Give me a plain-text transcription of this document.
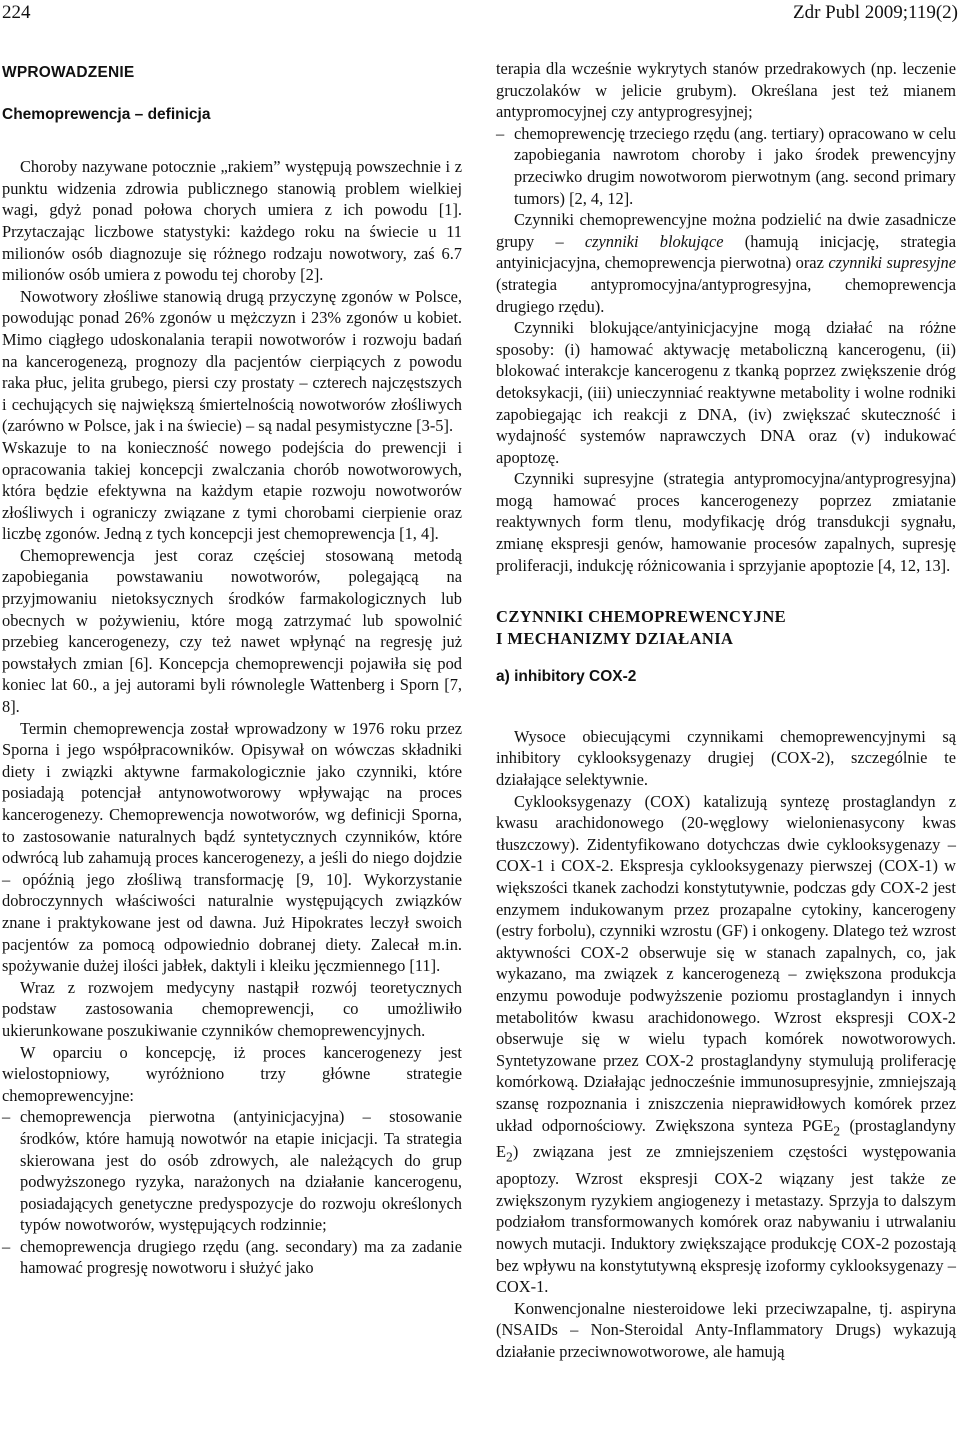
224	Zdr Publ 2009;119(2)
WPROWADZENIE
Chemoprewencja – definicja

Choroby nazywane potocznie „rakiem” występują powszechnie i z punktu widzenia zdrowia publicznego stanowią problem wielkiej wagi, gdyż ponad połowa chorych umiera z ich powodu [1]. Przytaczając liczbowe statystyki: każdego roku na świecie u 11 milionów osób diagnozuje się różnego rodzaju nowotwory, zaś 6.7 milionów osób umiera z powodu tej choroby [2].

Nowotwory złośliwe stanowią drugą przyczynę zgonów w Polsce, powodując ponad 26% zgonów u mężczyzn i 23% zgonów u kobiet. Mimo ciągłego udoskonalania terapii nowotworów i rozwoju badań na kancerogenezą, prognozy dla pacjentów cierpiących z powodu raka płuc, jelita grubego, piersi czy prostaty – czterech najczęstszych i cechujących się największą śmiertelnością nowotworów złośliwych (zarówno w Polsce, jak i na świecie) – są nadal pesymistyczne [3-5].

Wskazuje to na konieczność nowego podejścia do prewencji i opracowania takiej koncepcji zwalczania chorób nowotworowych, która będzie efektywna na każdym etapie rozwoju nowotworów złośliwych i ograniczy związane z tymi chorobami cierpienie oraz liczbę zgonów. Jedną z tych koncepcji jest chemoprewencja [1, 4].

Chemoprewencja jest coraz częściej stosowaną metodą zapobiegania powstawaniu nowotworów, polegającą na przyjmowaniu nietoksycznych środków farmakologicznych lub obecnych w pożywieniu, które mogą zatrzymać lub spowolnić przebieg kancerogenezy, czy też nawet wpłynąć na regresję już powstałych zmian [6]. Koncepcja chemoprewencji pojawiła się pod koniec lat 60., a jej autorami byli równolegle Wattenberg i Sporn [7, 8].

Termin chemoprewencja został wprowadzony w 1976 roku przez Sporna i jego współpracowników. Opisywał on wówczas składniki diety i związki aktywne farmakologicznie jako czynniki, które posiadają potencjał antynowotworowy wpływając na proces kancerogenezy. Chemoprewencja nowotworów, wg definicji Sporna, to zastosowanie naturalnych bądź syntetycznych czynników, które odwrócą lub zahamują proces kancerogenezy, a jeśli do niego dojdzie – opóźnią jego złośliwą transformację [9, 10]. Wykorzystanie dobroczynnych właściwości naturalnie występujących związków znane i praktykowane jest od dawna. Już Hipokrates leczył swoich pacjentów za pomocą odpowiednio dobranej diety. Zalecał m.in. spożywanie dużej ilości jabłek, daktyli i kleiku jęczmiennego [11].

Wraz z rozwojem medycyny nastąpił rozwój teoretycznych podstaw zastosowania chemoprewencji, co umożliwiło ukierunkowane poszukiwanie czynników chemoprewencyjnych.

W oparciu o koncepcję, iż proces kancerogenezy jest wielostopniowy, wyróżniono trzy główne strategie chemoprewencyjne:

– chemoprewencja pierwotna (antyinicjacyjna) – stosowanie środków, które hamują nowotwór na etapie inicjacji. Ta strategia skierowana jest do osób zdrowych, ale należących do grup podwyższonego ryzyka, narażonych na działanie kancerogenu, posiadających genetyczne predyspozycje do rozwoju określonych typów nowotworów, występujących rodzinnie;
– chemoprewencja drugiego rzędu (ang. secondary) ma za zadanie hamować progresję nowotworu i służyć jako

terapia dla wcześnie wykrytych stanów przedrakowych (np. leczenie gruczolaków w jelicie grubym). Określana jest też mianem antypromocyjnej czy antyprogresyjnej;

– chemoprewencję trzeciego rzędu (ang. tertiary) opracowano w celu zapobiegania nawrotom choroby i jako środek prewencyjny przeciwko drugim nowotworom pierwotnym (ang. second primary tumors) [2, 4, 12].

Czynniki chemoprewencyjne można podzielić na dwie zasadnicze grupy – czynniki blokujące (hamują inicjację, strategia antyinicjacyjna, chemoprewencja pierwotna) oraz czynniki supresyjne (strategia antypromocyjna/antyprogresyjna, chemoprewencja drugiego rzędu).

Czynniki blokujące/antyinicjacyjne mogą działać na różne sposoby: (i) hamować aktywację metaboliczną kancerogenu, (ii) blokować interakcje kancerogenu z tkanką poprzez zwiększenie dróg detoksykacji, (iii) unieczynniać reaktywne metabolity i wolne rodniki zapobiegając ich reakcji z DNA, (iv) zwiększać skuteczność i wydajność systemów naprawczych DNA oraz (v) indukować apoptozę.

Czynniki supresyjne (strategia antypromocyjna/antyprogresyjna) mogą hamować proces kancerogenezy poprzez zmiatanie reaktywnych form tlenu, modyfikację dróg transdukcji sygnału, zmianę ekspresji genów, hamowanie procesów zapalnych, supresję proliferacji, indukcję różnicowania i sprzyjanie apoptozie [4, 12, 13].

CZYNNIKI CHEMOPREWENCYJNE
I MECHANIZMY DZIAŁANIA
a) inhibitory COX-2

Wysoce obiecującymi czynnikami chemoprewencyjnymi są inhibitory cyklooksygenazy drugiej (COX-2), szczególnie te działające selektywnie.

Cyklooksygenazy (COX) katalizują syntezę prostaglandyn z kwasu arachidonowego (20-węglowy wielonienasycony kwas tłuszczowy). Zidentyfikowano dotychczas dwie cyklooksygenazy – COX-1 i COX-2. Ekspresja cyklooksygenazy pierwszej (COX-1) w większości tkanek zachodzi konstytutywnie, podczas gdy COX-2 jest enzymem indukowanym przez prozapalne cytokiny, kancerogeny (estry forbolu), czynniki wzrostu (GF) i onkogeny. Dlatego też wzrost aktywności COX-2 obserwuje się w stanach zapalnych, co, jak wykazano, ma związek z kancerogenezą – zwiększona produkcja enzymu powoduje podwyższenie poziomu prostaglandyn i innych metabolitów kwasu arachidonowego. Wzrost ekspresji COX-2 obserwuje się w wielu typach komórek nowotworowych. Syntetyzowane przez COX-2 prostaglandyny stymulują proliferację komórkową. Działając jednocześnie immunosupresyjnie, zmniejszają szansę rozpoznania i zniszczenia nieprawidłowych komórek przez układ odpornościowy. Zwiększona synteza $PGE_2$ (prostaglandyny $E_2$) związana jest ze zmniejszeniem częstości występowania apoptozy. Wzrost ekspresji COX-2 wiązany jest także ze zwiększonym ryzykiem angiogenezy i metastazy. Sprzyja to dalszym podziałom transformowanych komórek oraz nabywaniu i utrwalaniu nowych mutacji. Induktory zwiększające produkcję COX-2 pozostają bez wpływu na konstytutywną ekspresję izoformy cyklooksygenazy – COX-1.

Konwencjonalne niesteroidowe leki przeciwzapalne, tj. aspiryna (NSAIDs – Non-Steroidal Anty-Inflammatory Drugs) wykazują działanie przeciwnowotworowe, ale hamują
